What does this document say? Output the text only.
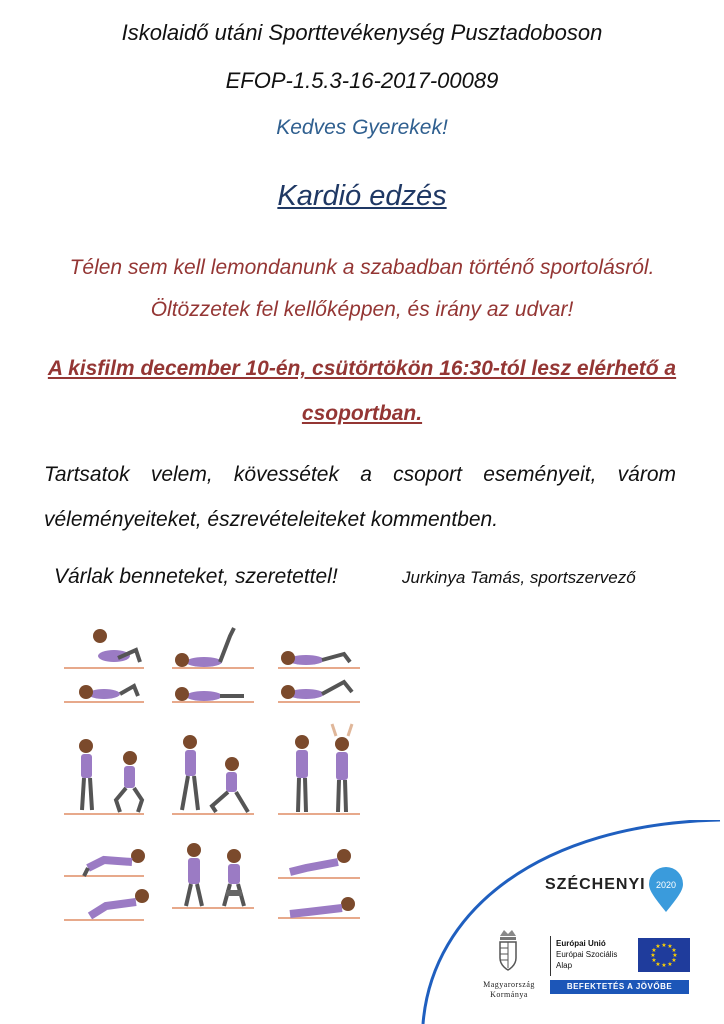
Iskolaidő utáni Sporttevékenység Pusztadoboson
EFOP-1.5.3-16-2017-00089
Kedves Gyerekek!
Kardió edzés
Télen sem kell lemondanunk a szabadban történő sportolásról.
Öltözzetek fel kellőképpen, és irány az udvar!
A kisfilm december 10-én, csütörtökön 16:30-tól lesz elérhető a
csoportban.
Tartsatok velem, kövessétek a csoport eseményeit, várom
véleményeiteket, észrevételeiteket kommentben.
Várlak benneteket, szeretettel!	Jurkinya Tamás, sportszervező
SZÉCHENYI 2020
Magyarország
Kormánya
Európai Unió
Európai Szociális
Alap
★ ★
★
★
★
★
★
★
★
★
★
★
BEFEKTETÉS A JÖVŐBE
